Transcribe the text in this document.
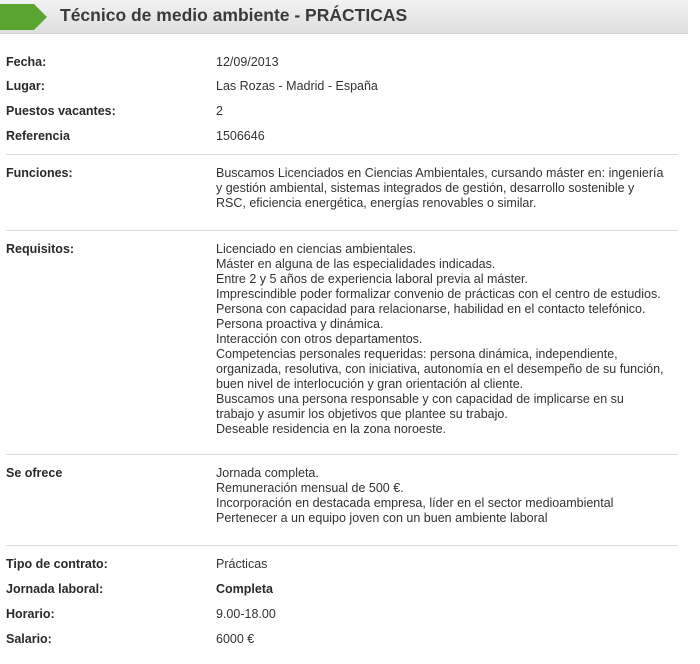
Técnico de medio ambiente - PRÁCTICAS
Fecha:	12/09/2013
Lugar:	Las Rozas - Madrid - España
Puestos vacantes:	2
Referencia	1506646
Funciones:	Buscamos Licenciados en Ciencias Ambientales, cursando máster en: ingeniería
y gestión ambiental, sistemas integrados de gestión, desarrollo sostenible y
RSC, eficiencia energética, energías renovables o similar.
Requisitos:	Licenciado en ciencias ambientales.
Máster en alguna de las especialidades indicadas.
Entre 2 y 5 años de experiencia laboral previa al máster.
Imprescindible poder formalizar convenio de prácticas con el centro de estudios.
Persona con capacidad para relacionarse, habilidad en el contacto telefónico.
Persona proactiva y dinámica.
Interacción con otros departamentos.
Competencias personales requeridas: persona dinámica, independiente,
organizada, resolutiva, con iniciativa, autonomía en el desempeño de su función,
buen nivel de interlocución y gran orientación al cliente.
Buscamos una persona responsable y con capacidad de implicarse en su
trabajo y asumir los objetivos que plantee su trabajo.
Deseable residencia en la zona noroeste.
Se ofrece	Jornada completa.
Remuneración mensual de 500 €.
Incorporación en destacada empresa, líder en el sector medioambiental
Pertenecer a un equipo joven con un buen ambiente laboral
Tipo de contrato:	Prácticas
Jornada laboral:	Completa
Horario:	9.00-18.00
Salario:	6000 €
